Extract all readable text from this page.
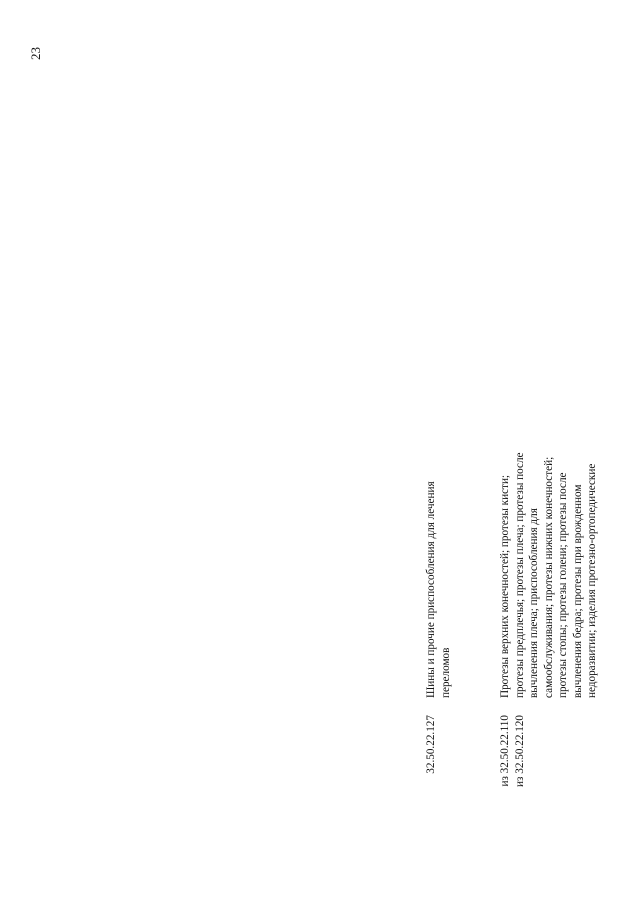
23
из 32.50.22.110 из 32.50.22.120
Протезы верхних конечностей; протезы кисти; протезы предплечья; протезы плеча; протезы после вычленения плеча; приспособления для самообслуживания; протезы нижних конечностей; протезы стопы; протезы голени; протезы после вычленения бедра; протезы при врожденном недоразвитии; изделия протезно-ортопедические
32.50.22.127
Шины и прочие приспособления для лечения переломов
